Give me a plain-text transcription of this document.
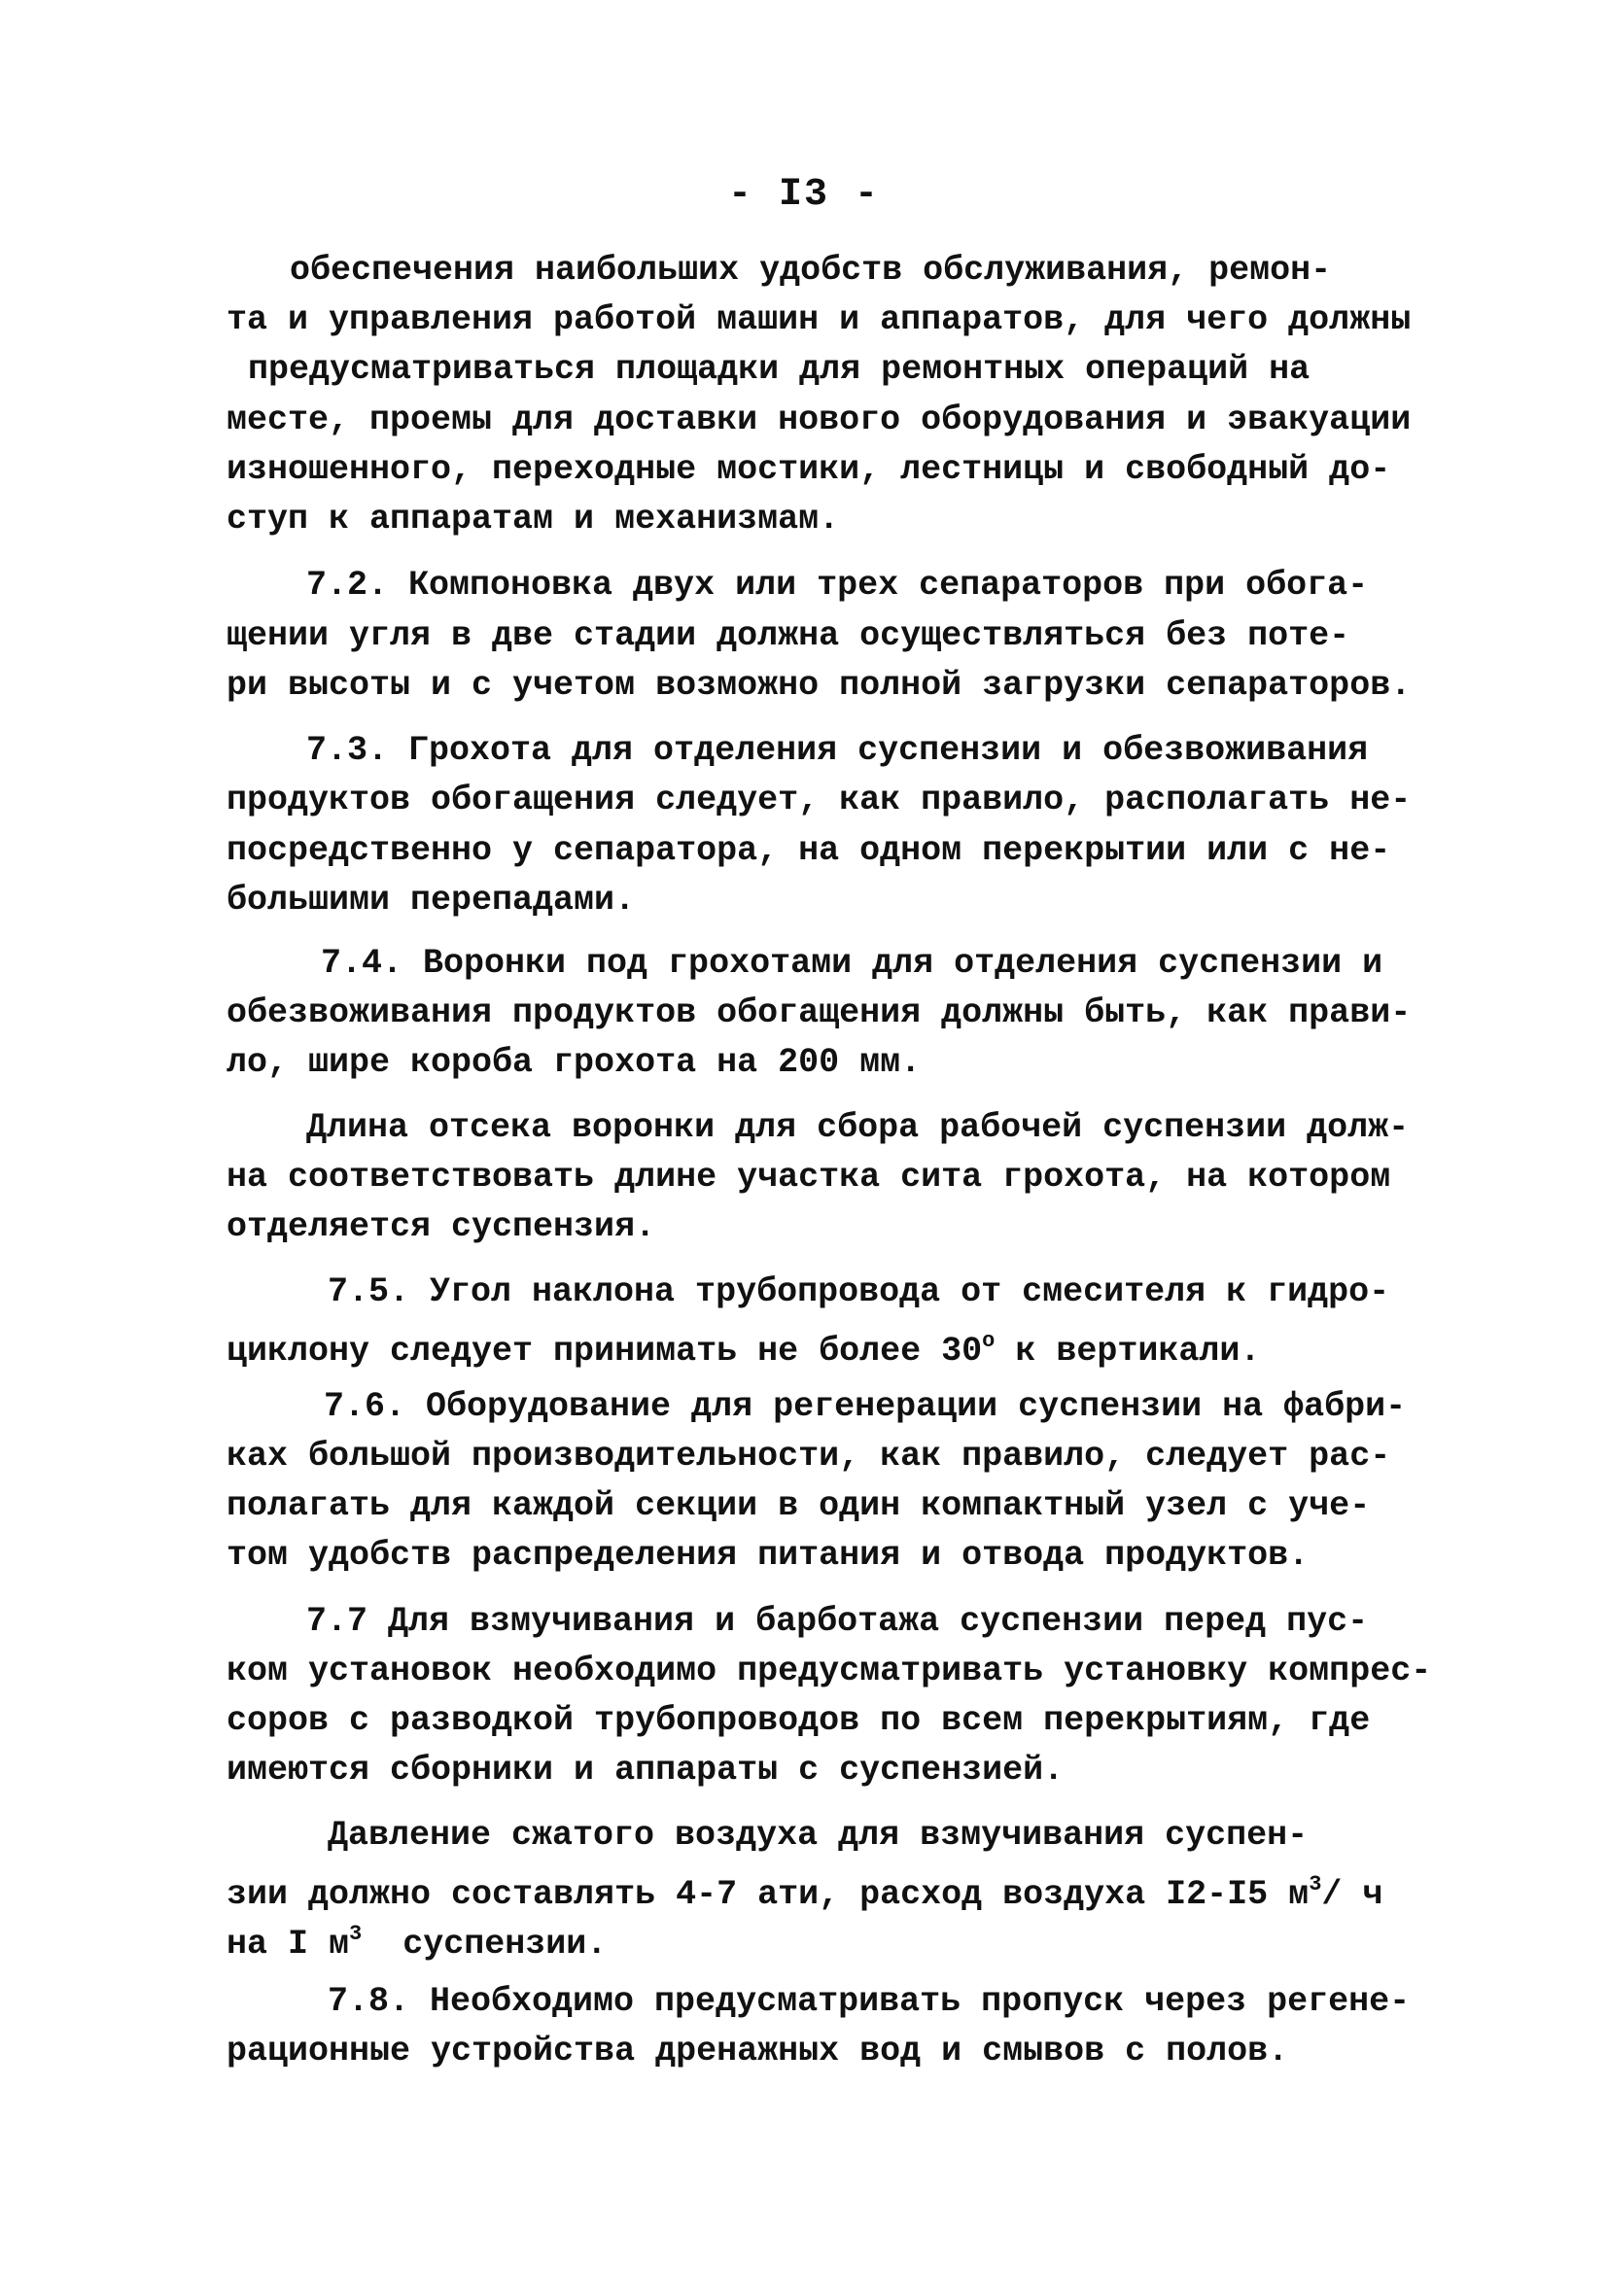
- I3 -
обеспечения наибольших удобств обслуживания, ремон-
та и управления работой машин и аппаратов, для чего должны
предусматриваться площадки для ремонтных операций на
месте, проемы для доставки нового оборудования и эвакуации
изношенного, переходные мостики, лестницы и свободный до-
ступ к аппаратам и механизмам.
7.2. Компоновка двух или трех сепараторов при обога-
щении угля в две стадии должна осуществляться без поте-
ри высоты и с учетом возможно полной загрузки сепараторов.
7.3. Грохота для отделения суспензии и обезвоживания
продуктов обогащения следует, как правило, располагать не-
посредственно у сепаратора, на одном перекрытии или с не-
большими перепадами.
7.4. Воронки под грохотами для отделения суспензии и
обезвоживания продуктов обогащения должны быть, как прави-
ло, шире короба грохота на 200 мм.
Длина отсека воронки для сбора рабочей суспензии долж-
на соответствовать длине участка сита грохота, на котором
отделяется суспензия.
7.5. Угол наклона трубопровода от смесителя к гидро-
циклону следует принимать не более 30$^o$ к вертикали.
7.6. Оборудование для регенерации суспензии на фабри-
ках большой производительности, как правило, следует рас-
полагать для каждой секции в один компактный узел с уче-
том удобств распределения питания и отвода продуктов.
7.7 Для взмучивания и барботажа суспензии перед пус-
ком установок необходимо предусматривать установку компрес-
соров с разводкой трубопроводов по всем перекрытиям, где
имеются сборники и аппараты с суспензией.
Давление сжатого воздуха для взмучивания суспен-
зии должно составлять 4-7 ати, расход воздуха I2-I5 $м^3/$ ч
на I $м^3$ суспензии.
7.8. Необходимо предусматривать пропуск через регене-
рационные устройства дренажных вод и смывов с полов.
